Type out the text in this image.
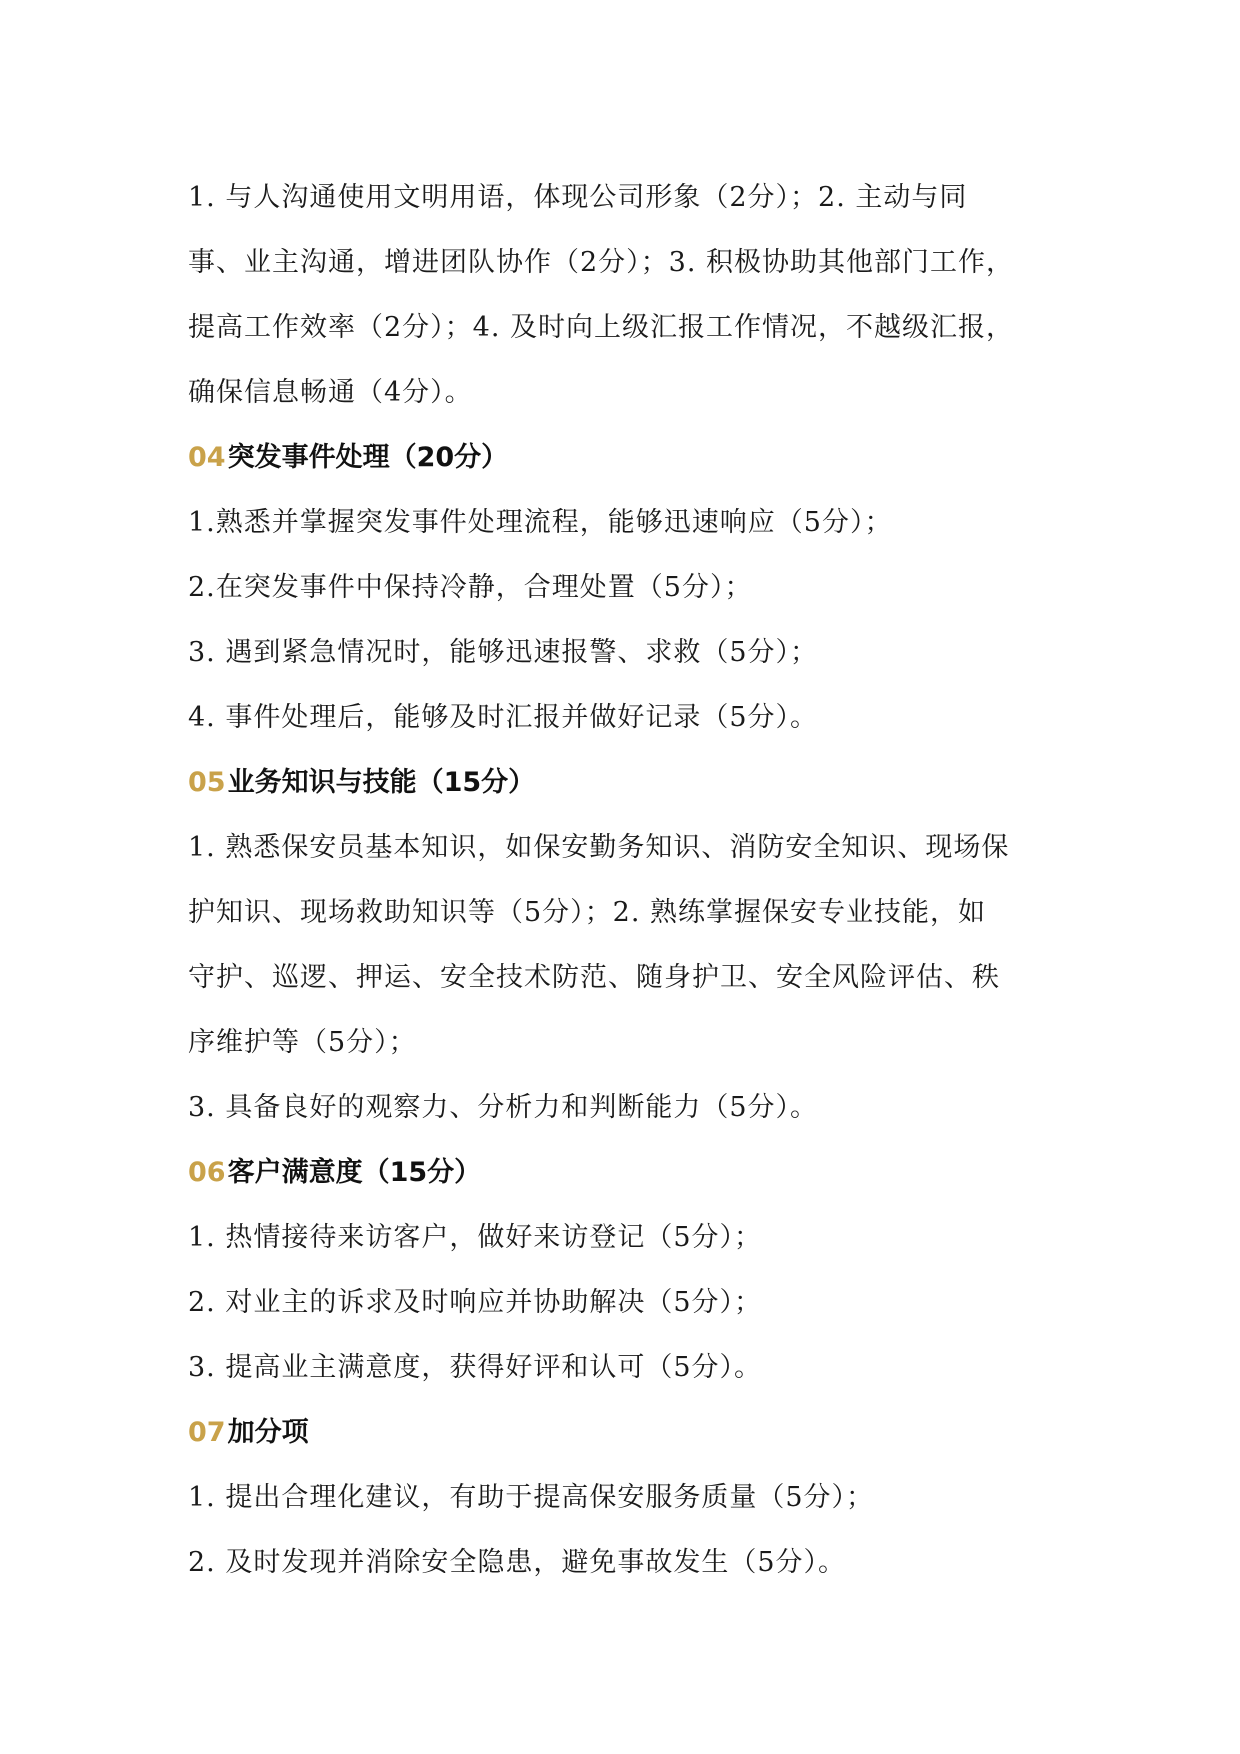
1. 与人沟通使用文明用语，体现公司形象（2分）；2. 主动与同
事、业主沟通，增进团队协作（2分）；3. 积极协助其他部门工作，
提高工作效率（2分）；4. 及时向上级汇报工作情况，不越级汇报，
确保信息畅通（4分）。
04突发事件处理（20分）
1.熟悉并掌握突发事件处理流程，能够迅速响应（5分）；
2.在突发事件中保持冷静，合理处置（5分）；
3. 遇到紧急情况时，能够迅速报警、求救（5分）；
4. 事件处理后，能够及时汇报并做好记录（5分）。
05业务知识与技能（15分）
1. 熟悉保安员基本知识，如保安勤务知识、消防安全知识、现场保
护知识、现场救助知识等（5分）；2. 熟练掌握保安专业技能，如
守护、巡逻、押运、安全技术防范、随身护卫、安全风险评估、秩
序维护等（5分）；
3. 具备良好的观察力、分析力和判断能力（5分）。
06客户满意度（15分）
1. 热情接待来访客户，做好来访登记（5分）；
2. 对业主的诉求及时响应并协助解决（5分）；
3. 提高业主满意度，获得好评和认可（5分）。
07加分项
1. 提出合理化建议，有助于提高保安服务质量（5分）；
2. 及时发现并消除安全隐患，避免事故发生（5分）。
